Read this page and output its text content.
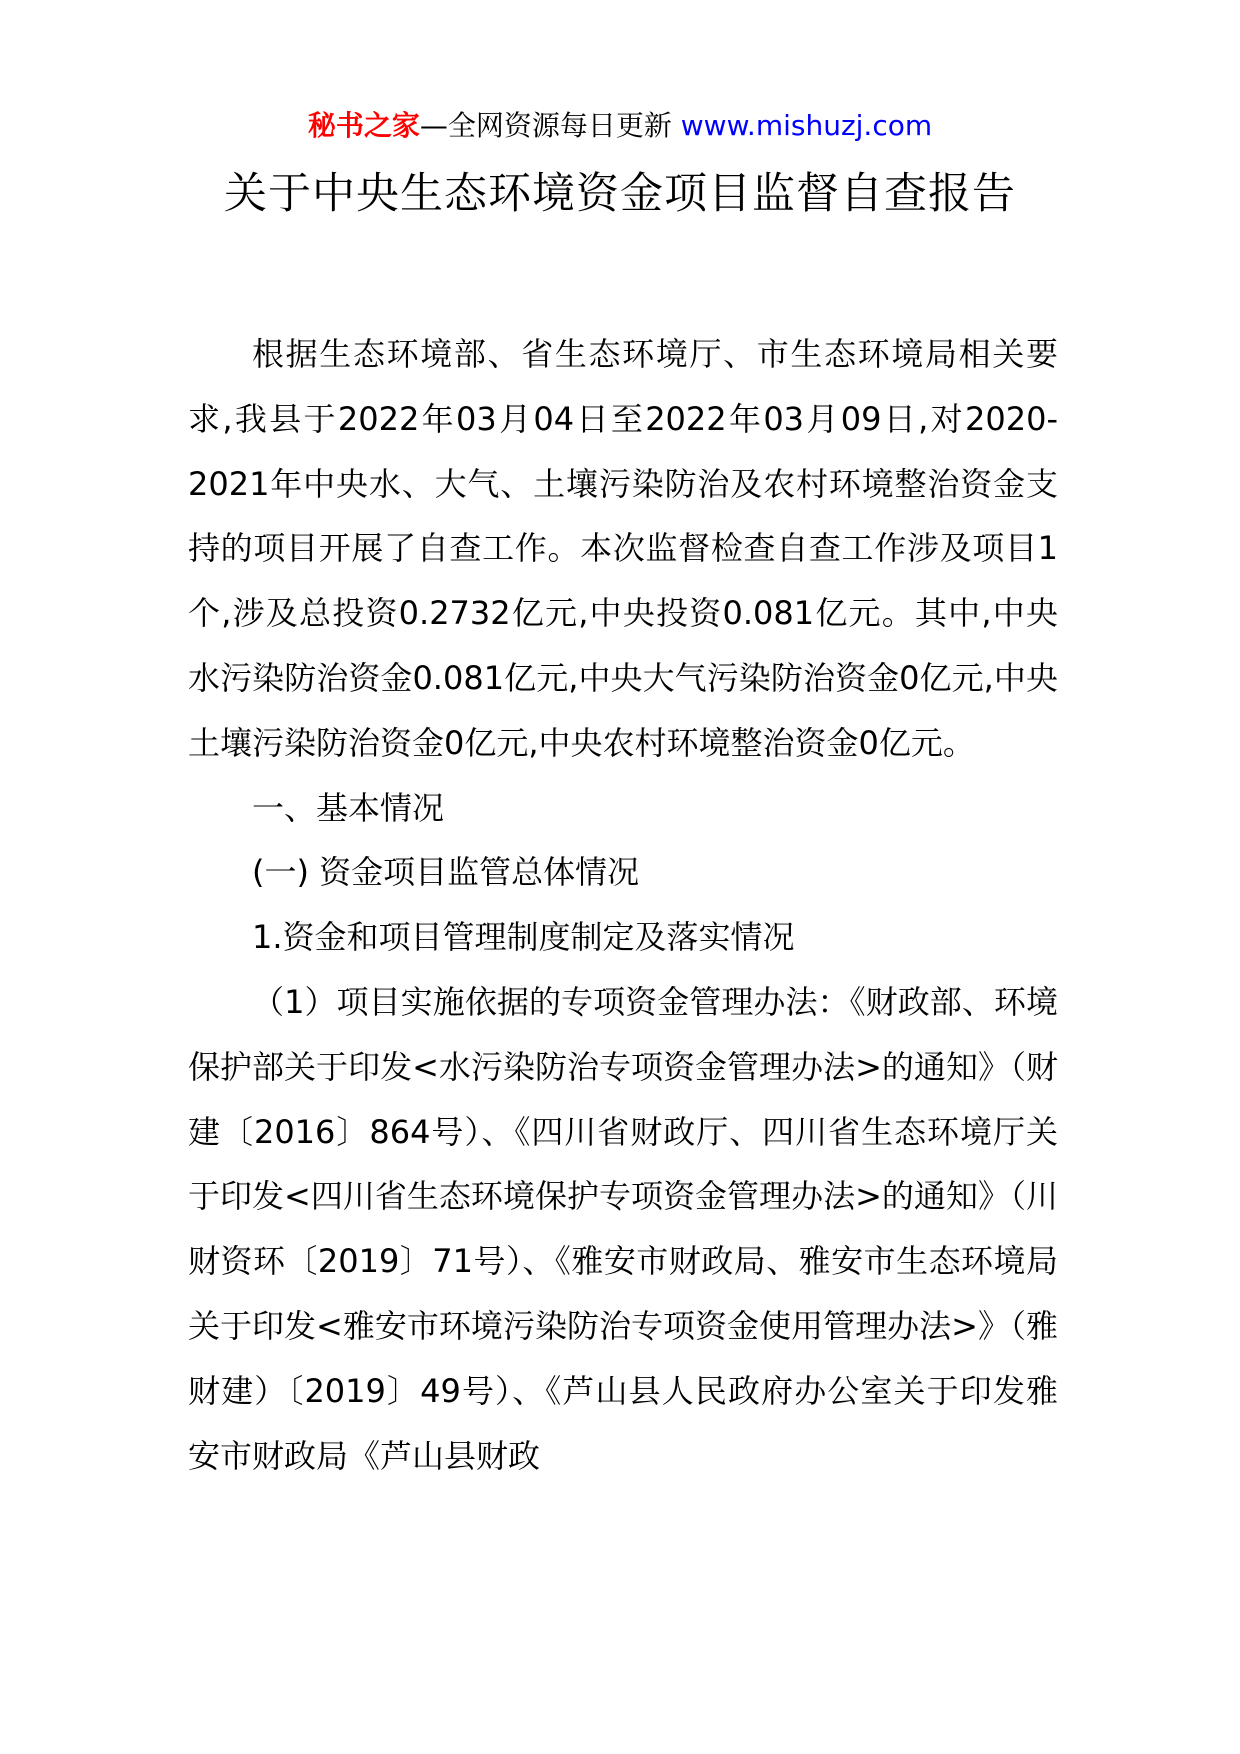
秘书之家—全网资源每日更新 www.mishuzj.com
关于中央生态环境资金项目监督自查报告

根据生态环境部、省生态环境厅、市生态环境局相关要求,我县于2022年03月04日至2022年03月09日,对2020-2021年中央水、大气、土壤污染防治及农村环境整治资金支持的项目开展了自查工作。本次监督检查自查工作涉及项目1个,涉及总投资0.2732亿元,中央投资0.081亿元。其中,中央水污染防治资金0.081亿元,中央大气污染防治资金0亿元,中央土壤污染防治资金0亿元,中央农村环境整治资金0亿元。

一、基本情况

(一) 资金项目监管总体情况

1.资金和项目管理制度制定及落实情况

（1）项目实施依据的专项资金管理办法：《财政部、环境保护部关于印发<水污染防治专项资金管理办法>的通知》（财建〔2016〕864号）、《四川省财政厅、四川省生态环境厅关于印发<四川省生态环境保护专项资金管理办法>的通知》（川财资环〔2019〕71号）、《雅安市财政局、雅安市生态环境局关于印发<雅安市环境污染防治专项资金使用管理办法>》（雅财建）〔2019〕49号）、《芦山县人民政府办公室关于印发雅安市财政局《芦山县财政
